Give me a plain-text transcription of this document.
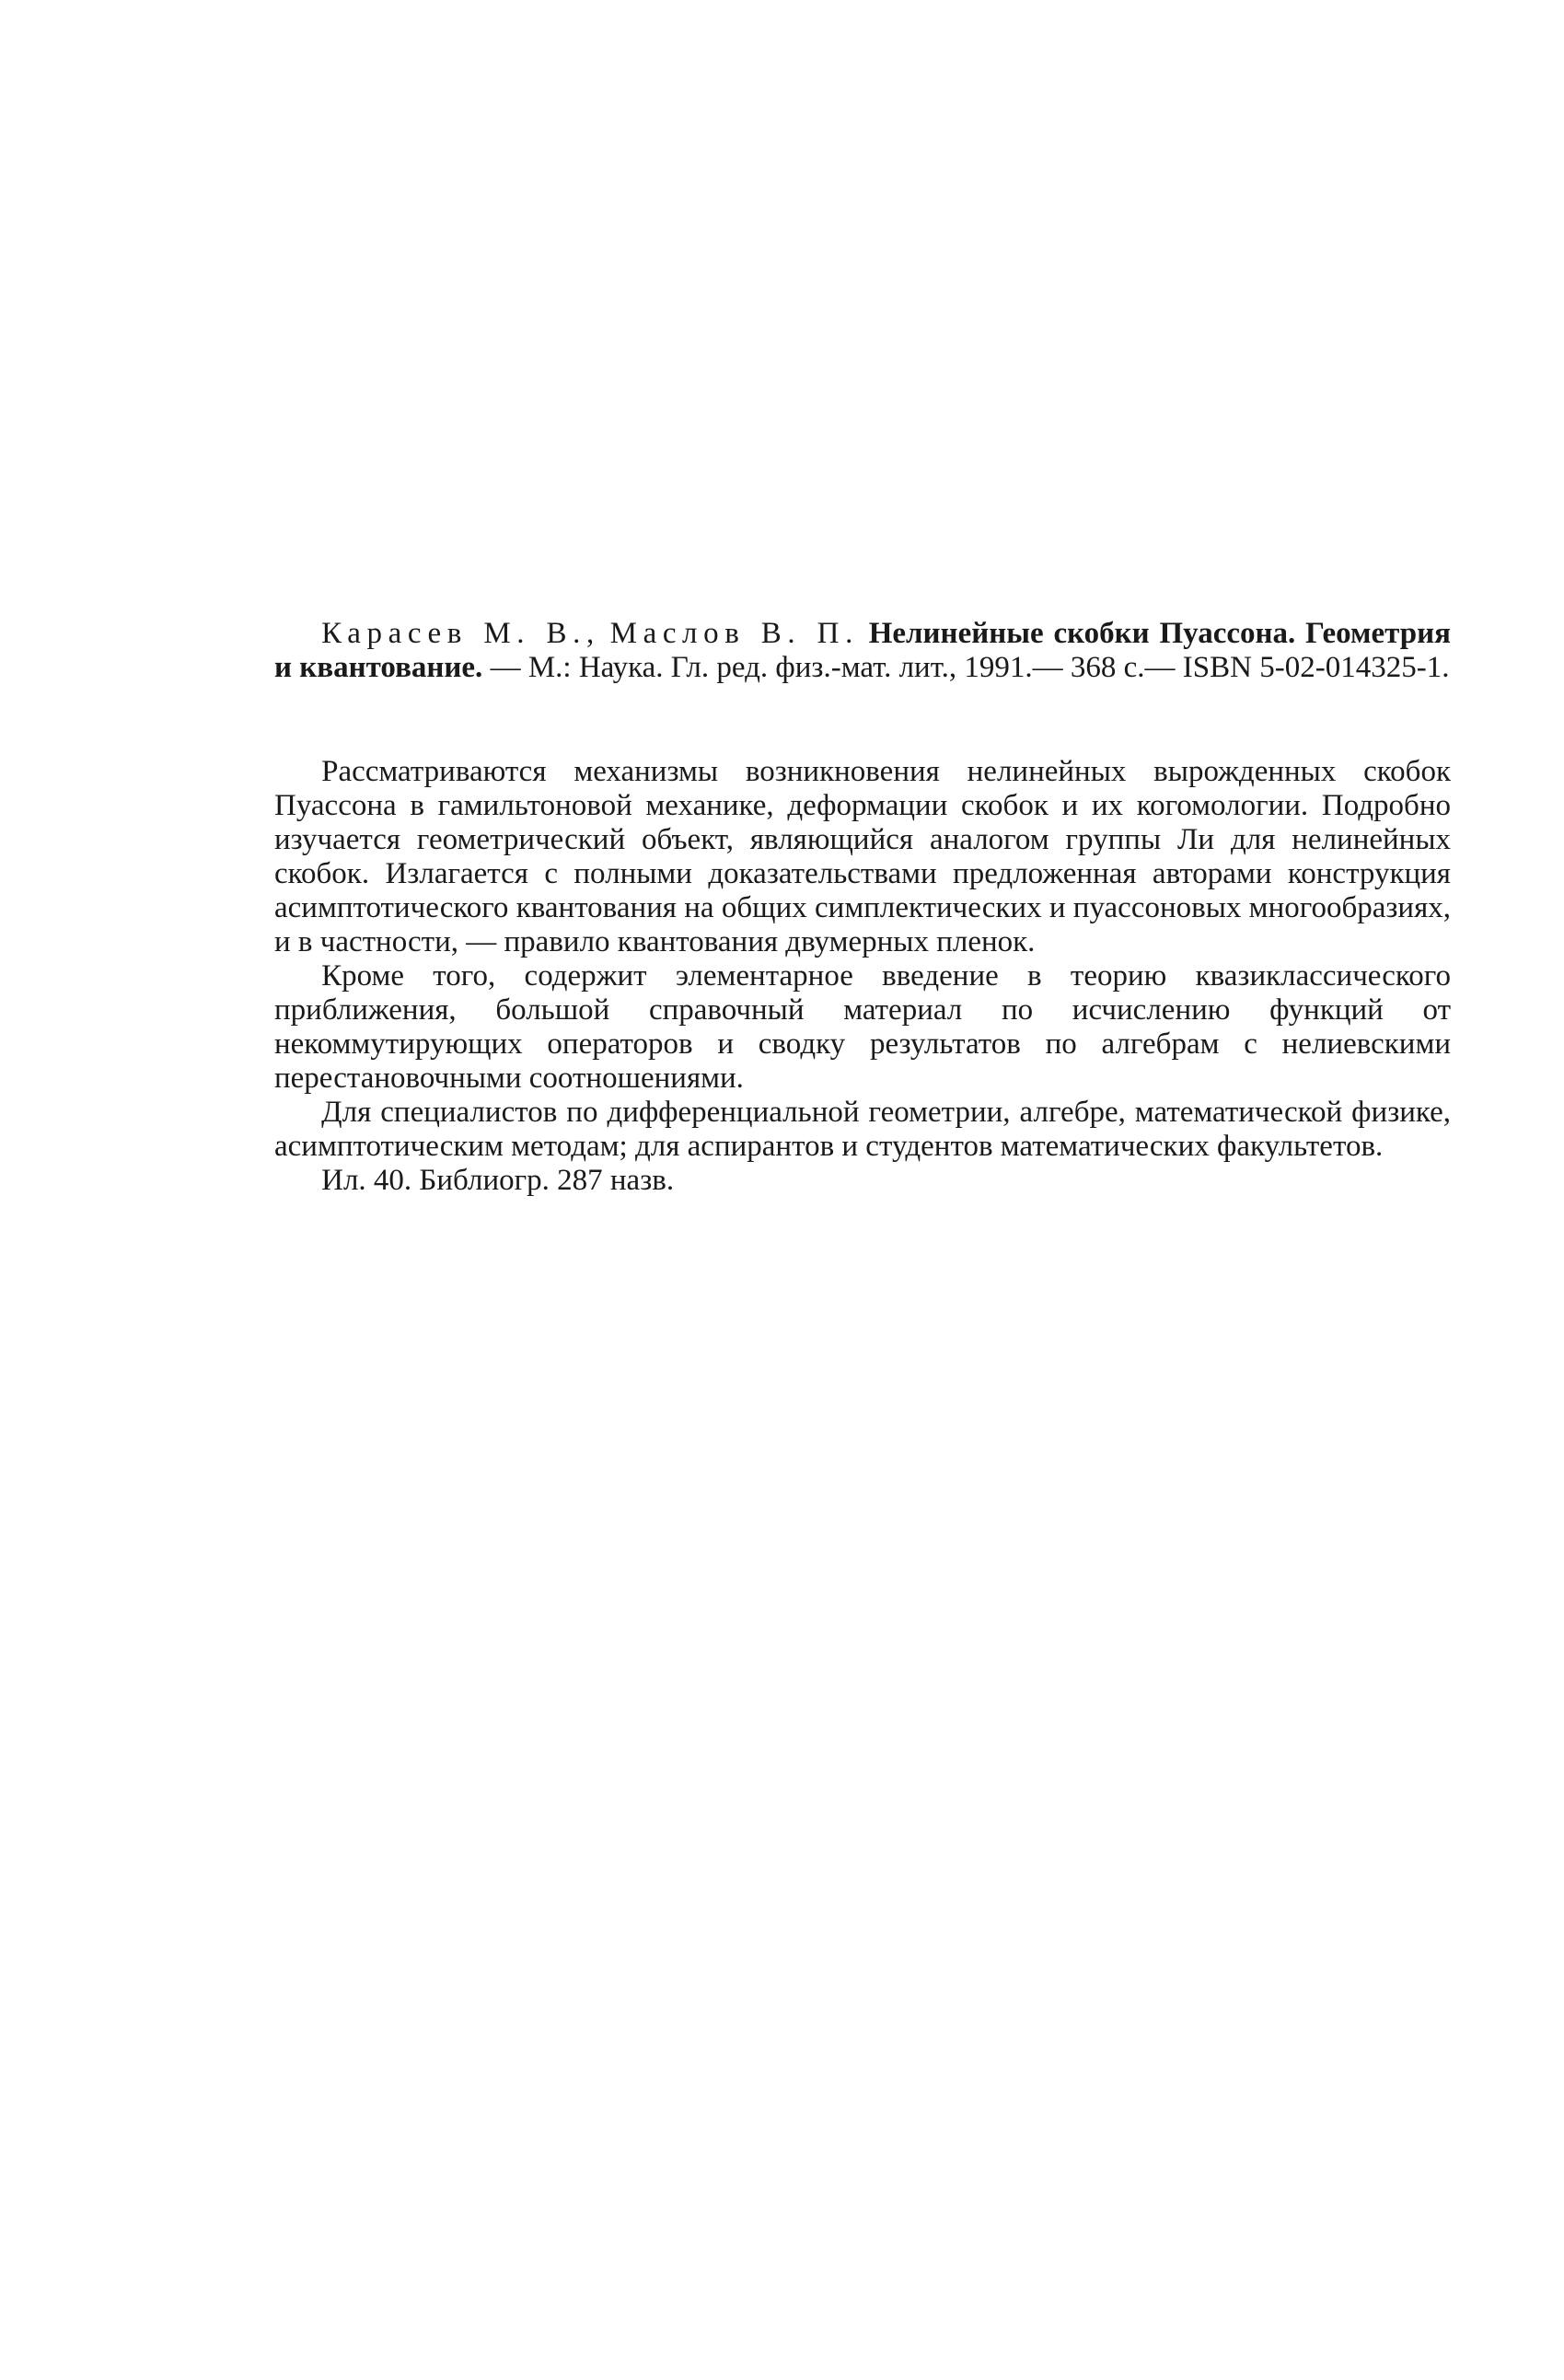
Карасев М. В., Маслов В. П. Нелинейные скобки Пуассона. Геометрия и квантование. — М.: Наука. Гл. ред. физ.-мат. лит., 1991.— 368 с.— ISBN 5-02-014325-1.

Рассматриваются механизмы возникновения нелинейных вырожденных скобок Пуассона в гамильтоновой механике, деформации скобок и их когомологии. Подробно изучается геометрический объект, являющийся аналогом группы Ли для нелинейных скобок. Излагается с полными доказательствами предложенная авторами конструкция асимптотического квантования на общих симплектических и пуассоновых многообразиях, и в частности, — правило квантования двумерных пленок.

Кроме того, содержит элементарное введение в теорию квазиклассического приближения, большой справочный материал по исчислению функций от некоммутирующих операторов и сводку результатов по алгебрам с нелиевскими перестановочными соотношениями.

Для специалистов по дифференциальной геометрии, алгебре, математической физике, асимптотическим методам; для аспирантов и студентов математических факультетов.

Ил. 40. Библиогр. 287 назв.
